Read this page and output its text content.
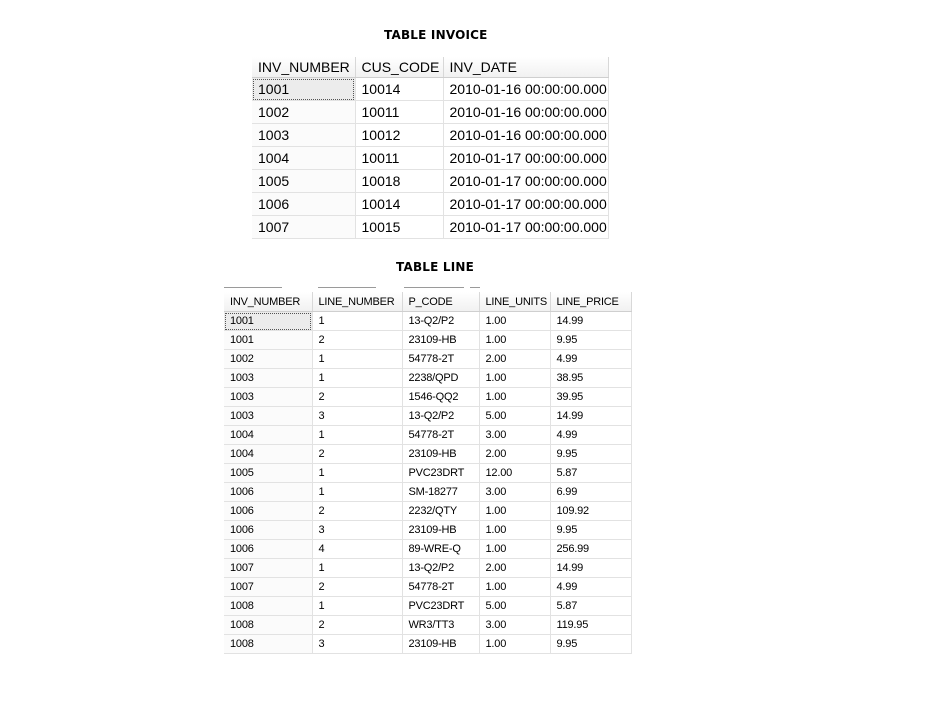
TABLE INVOICE
INV_NUMBER	CUS_CODE	INV_DATE
1001	10014	2010-01-16 00:00:00.000
1002	10011	2010-01-16 00:00:00.000
1003	10012	2010-01-16 00:00:00.000
1004	10011	2010-01-17 00:00:00.000
1005	10018	2010-01-17 00:00:00.000
1006	10014	2010-01-17 00:00:00.000
1007	10015	2010-01-17 00:00:00.000
TABLE LINE
INV_NUMBER	LINE_NUMBER	P_CODE	LINE_UNITS	LINE_PRICE
1001	1	13-Q2/P2	1.00	14.99
1001	2	23109-HB	1.00	9.95
1002	1	54778-2T	2.00	4.99
1003	1	2238/QPD	1.00	38.95
1003	2	1546-QQ2	1.00	39.95
1003	3	13-Q2/P2	5.00	14.99
1004	1	54778-2T	3.00	4.99
1004	2	23109-HB	2.00	9.95
1005	1	PVC23DRT	12.00	5.87
1006	1	SM-18277	3.00	6.99
1006	2	2232/QTY	1.00	109.92
1006	3	23109-HB	1.00	9.95
1006	4	89-WRE-Q	1.00	256.99
1007	1	13-Q2/P2	2.00	14.99
1007	2	54778-2T	1.00	4.99
1008	1	PVC23DRT	5.00	5.87
1008	2	WR3/TT3	3.00	119.95
1008	3	23109-HB	1.00	9.95
